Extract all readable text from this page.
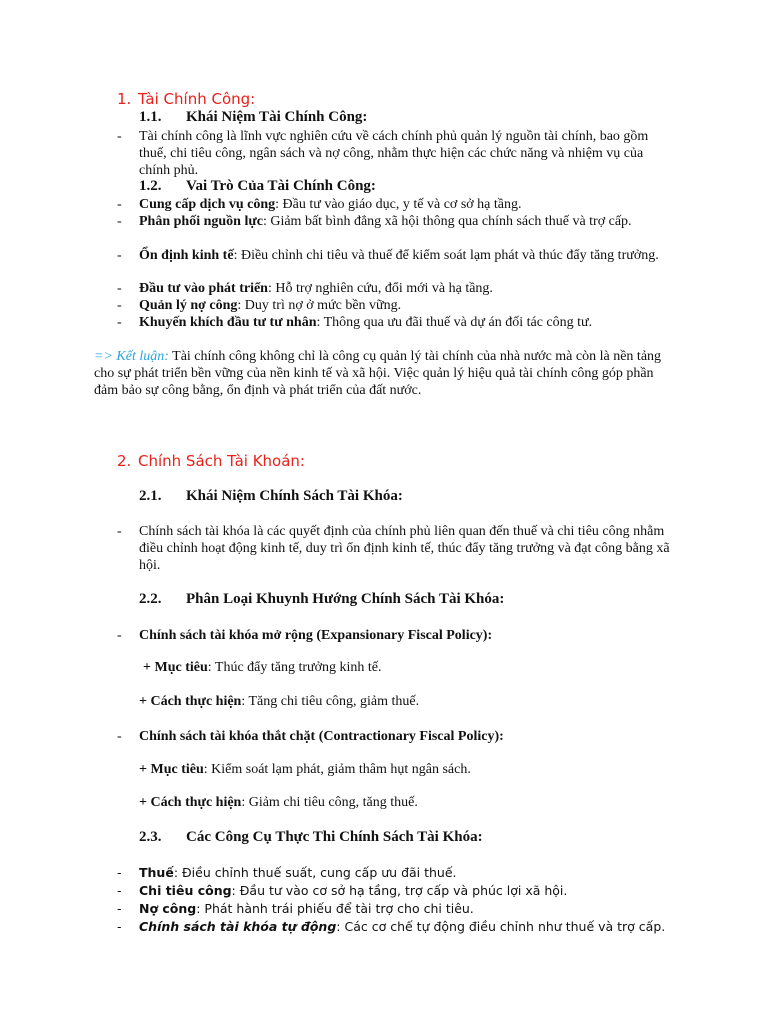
1. Tài Chính Công:
1.1. Khái Niệm Tài Chính Công:
- Tài chính công là lĩnh vực nghiên cứu về cách chính phủ quản lý nguồn tài chính, bao gồm thuế, chi tiêu công, ngân sách và nợ công, nhằm thực hiện các chức năng và nhiệm vụ của chính phủ.
1.2. Vai Trò Của Tài Chính Công:
- Cung cấp dịch vụ công: Đầu tư vào giáo dục, y tế và cơ sở hạ tầng.
- Phân phối nguồn lực: Giảm bất bình đẳng xã hội thông qua chính sách thuế và trợ cấp.
- Ổn định kinh tế: Điều chỉnh chi tiêu và thuế để kiểm soát lạm phát và thúc đẩy tăng trưởng.
- Đầu tư vào phát triển: Hỗ trợ nghiên cứu, đổi mới và hạ tầng.
- Quản lý nợ công: Duy trì nợ ở mức bền vững.
- Khuyến khích đầu tư tư nhân: Thông qua ưu đãi thuế và dự án đối tác công tư.
=> Kết luận: Tài chính công không chỉ là công cụ quản lý tài chính của nhà nước mà còn là nền tảng cho sự phát triển bền vững của nền kinh tế và xã hội. Việc quản lý hiệu quả tài chính công góp phần đảm bảo sự công bằng, ổn định và phát triển của đất nước.
2. Chính Sách Tài Khoán:
2.1. Khái Niệm Chính Sách Tài Khóa:
- Chính sách tài khóa là các quyết định của chính phủ liên quan đến thuế và chi tiêu công nhằm điều chỉnh hoạt động kinh tế, duy trì ổn định kinh tế, thúc đẩy tăng trưởng và đạt công bằng xã hội.
2.2. Phân Loại Khuynh Hướng Chính Sách Tài Khóa:
- Chính sách tài khóa mở rộng (Expansionary Fiscal Policy):
+ Mục tiêu: Thúc đẩy tăng trưởng kinh tế.
+ Cách thực hiện: Tăng chi tiêu công, giảm thuế.
- Chính sách tài khóa thắt chặt (Contractionary Fiscal Policy):
+ Mục tiêu: Kiểm soát lạm phát, giảm thâm hụt ngân sách.
+ Cách thực hiện: Giảm chi tiêu công, tăng thuế.
2.3. Các Công Cụ Thực Thi Chính Sách Tài Khóa:
- Thuế: Điều chỉnh thuế suất, cung cấp ưu đãi thuế.
- Chi tiêu công: Đầu tư vào cơ sở hạ tầng, trợ cấp và phúc lợi xã hội.
- Nợ công: Phát hành trái phiếu để tài trợ cho chi tiêu.
- Chính sách tài khóa tự động: Các cơ chế tự động điều chỉnh như thuế và trợ cấp.
